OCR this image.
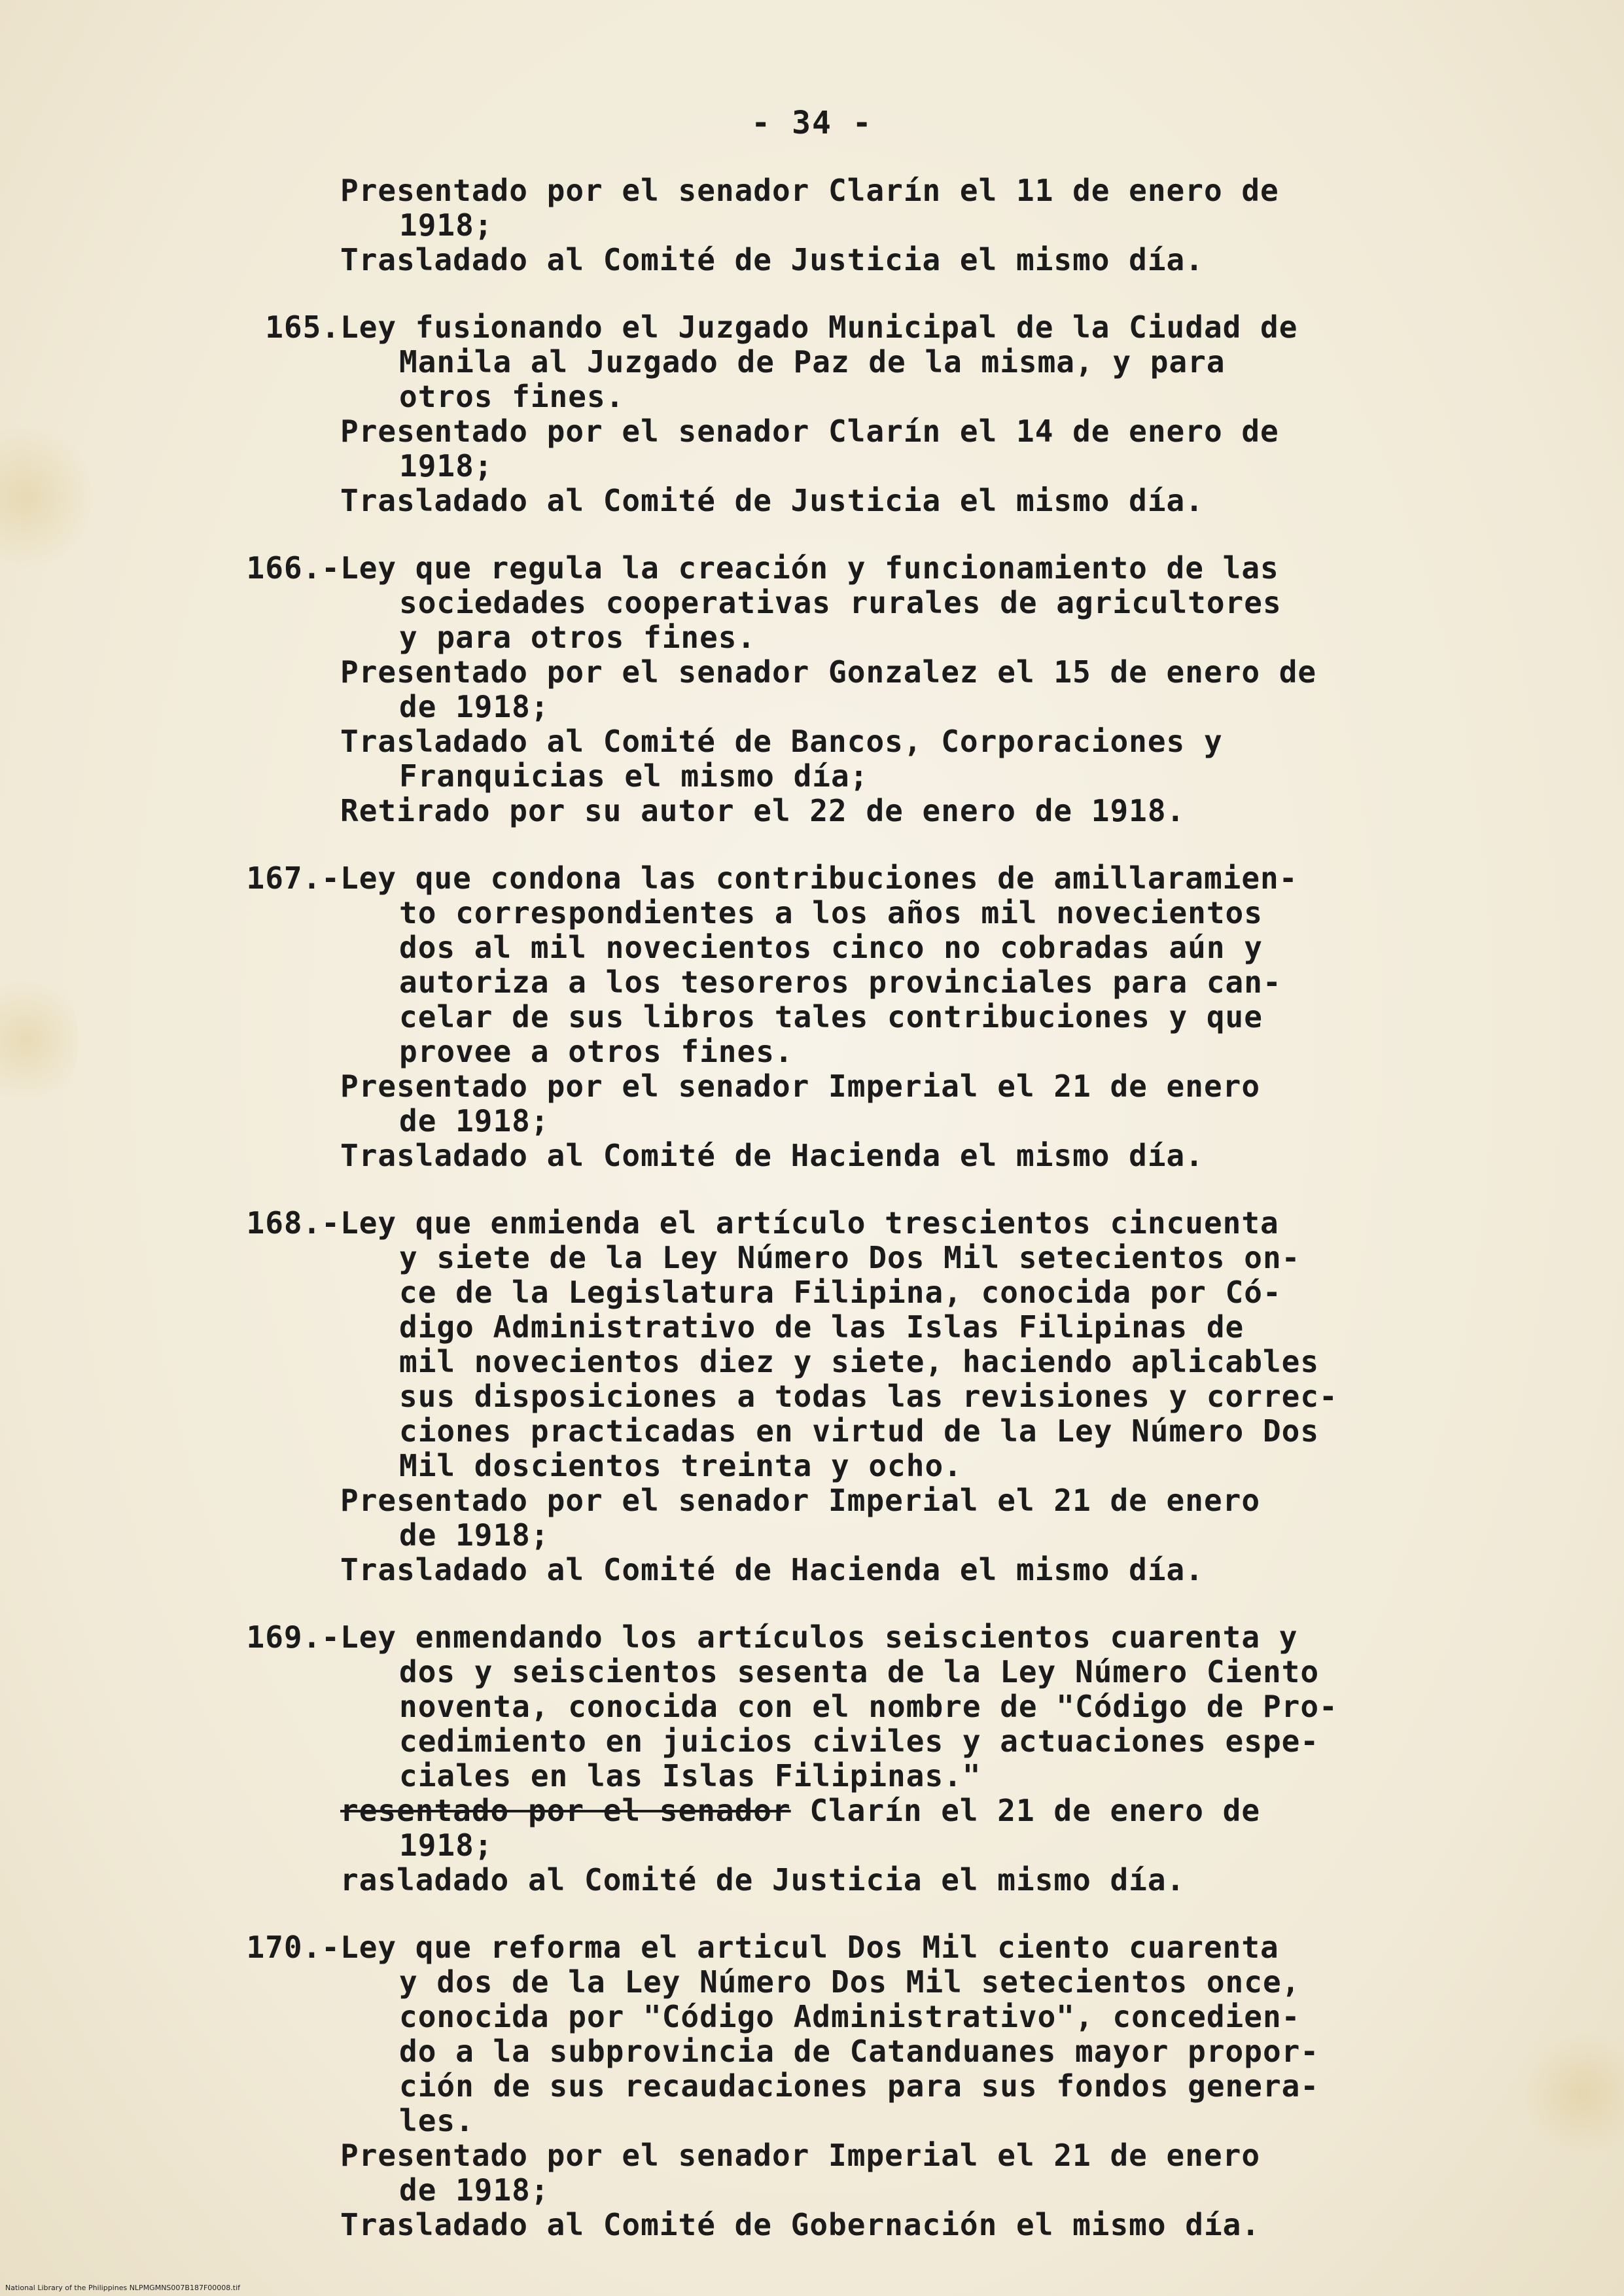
- 34 -
Presentado por el senador Clarín el 11 de enero de
1918;
Trasladado al Comité de Justicia el mismo día.
165.Ley fusionando el Juzgado Municipal de la Ciudad de
Manila al Juzgado de Paz de la misma, y para
otros fines.
Presentado por el senador Clarín el 14 de enero de
1918;
Trasladado al Comité de Justicia el mismo día.
166.-Ley que regula la creación y funcionamiento de las
sociedades cooperativas rurales de agricultores
y para otros fines.
Presentado por el senador Gonzalez el 15 de enero de
de 1918;
Trasladado al Comité de Bancos, Corporaciones y
Franquicias el mismo día;
Retirado por su autor el 22 de enero de 1918.
167.-Ley que condona las contribuciones de amillaramien-
to correspondientes a los años mil novecientos
dos al mil novecientos cinco no cobradas aún y
autoriza a los tesoreros provinciales para can-
celar de sus libros tales contribuciones y que
provee a otros fines.
Presentado por el senador Imperial el 21 de enero
de 1918;
Trasladado al Comité de Hacienda el mismo día.
168.-Ley que enmienda el artículo trescientos cincuenta
y siete de la Ley Número Dos Mil setecientos on-
ce de la Legislatura Filipina, conocida por Có-
digo Administrativo de las Islas Filipinas de
mil novecientos diez y siete, haciendo aplicables
sus disposiciones a todas las revisiones y correc-
ciones practicadas en virtud de la Ley Número Dos
Mil doscientos treinta y ocho.
Presentado por el senador Imperial el 21 de enero
de 1918;
Trasladado al Comité de Hacienda el mismo día.
169.-Ley enmendando los artículos seiscientos cuarenta y
dos y seiscientos sesenta de la Ley Número Ciento
noventa, conocida con el nombre de "Código de Pro-
cedimiento en juicios civiles y actuaciones espe-
ciales en las Islas Filipinas."
resentado por el senador Clarín el 21 de enero de
1918;
rasladado al Comité de Justicia el mismo día.
170.-Ley que reforma el articul Dos Mil ciento cuarenta
y dos de la Ley Número Dos Mil setecientos once,
conocida por "Código Administrativo", concedien-
do a la subprovincia de Catanduanes mayor propor-
ción de sus recaudaciones para sus fondos genera-
les.
Presentado por el senador Imperial el 21 de enero
de 1918;
Trasladado al Comité de Gobernación el mismo día.
National Library of the Philippines NLPMGMNS007B187F00008.tif
